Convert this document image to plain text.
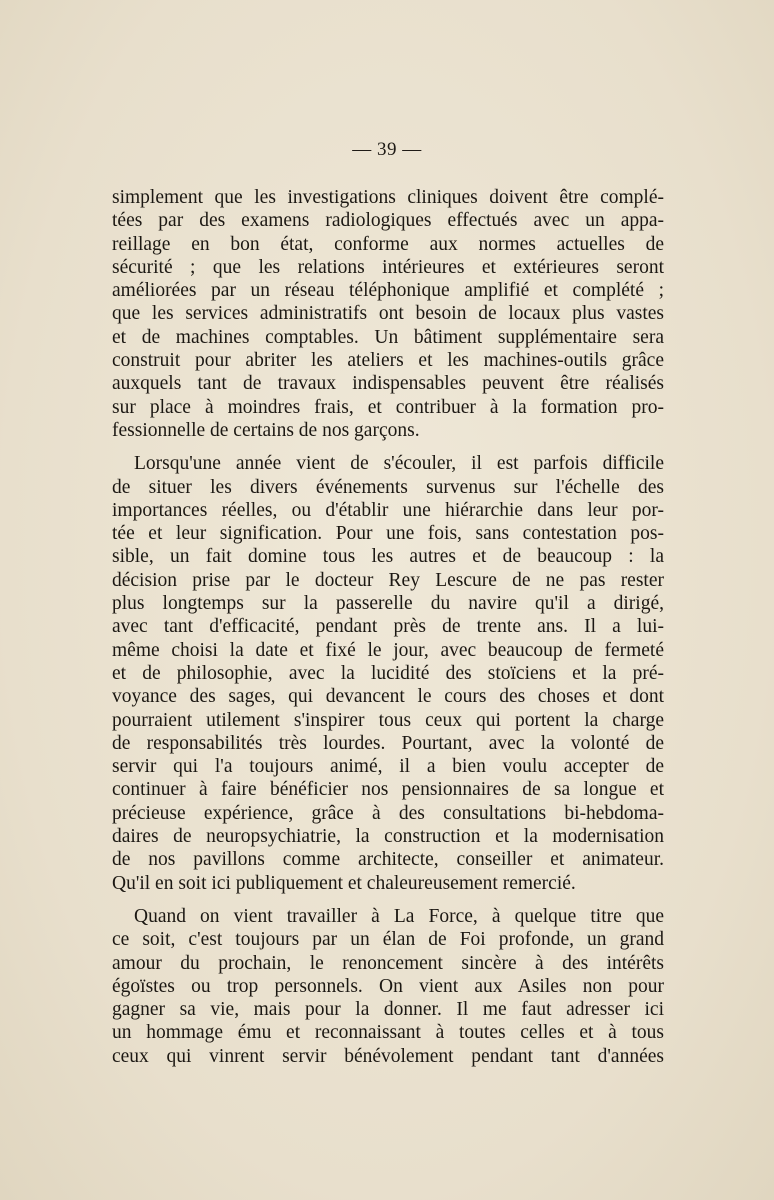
— 39 —
simplement que les investigations cliniques doivent être complé-
tées par des examens radiologiques effectués avec un appa-
reillage en bon état, conforme aux normes actuelles de
sécurité ; que les relations intérieures et extérieures seront
améliorées par un réseau téléphonique amplifié et complété ;
que les services administratifs ont besoin de locaux plus vastes
et de machines comptables. Un bâtiment supplémentaire sera
construit pour abriter les ateliers et les machines-outils grâce
auxquels tant de travaux indispensables peuvent être réalisés
sur place à moindres frais, et contribuer à la formation pro-
fessionnelle de certains de nos garçons.
Lorsqu'une année vient de s'écouler, il est parfois difficile
de situer les divers événements survenus sur l'échelle des
importances réelles, ou d'établir une hiérarchie dans leur por-
tée et leur signification. Pour une fois, sans contestation pos-
sible, un fait domine tous les autres et de beaucoup : la
décision prise par le docteur Rey Lescure de ne pas rester
plus longtemps sur la passerelle du navire qu'il a dirigé,
avec tant d'efficacité, pendant près de trente ans. Il a lui-
même choisi la date et fixé le jour, avec beaucoup de fermeté
et de philosophie, avec la lucidité des stoïciens et la pré-
voyance des sages, qui devancent le cours des choses et dont
pourraient utilement s'inspirer tous ceux qui portent la charge
de responsabilités très lourdes. Pourtant, avec la volonté de
servir qui l'a toujours animé, il a bien voulu accepter de
continuer à faire bénéficier nos pensionnaires de sa longue et
précieuse expérience, grâce à des consultations bi-hebdoma-
daires de neuropsychiatrie, la construction et la modernisation
de nos pavillons comme architecte, conseiller et animateur.
Qu'il en soit ici publiquement et chaleureusement remercié.
Quand on vient travailler à La Force, à quelque titre que
ce soit, c'est toujours par un élan de Foi profonde, un grand
amour du prochain, le renoncement sincère à des intérêts
égoïstes ou trop personnels. On vient aux Asiles non pour
gagner sa vie, mais pour la donner. Il me faut adresser ici
un hommage ému et reconnaissant à toutes celles et à tous
ceux qui vinrent servir bénévolement pendant tant d'années
